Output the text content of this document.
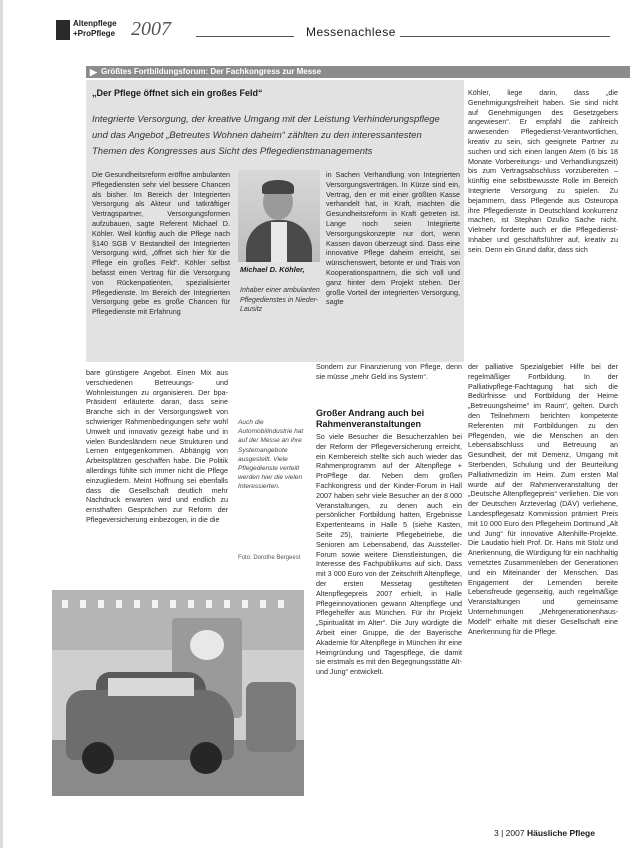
Altenpflege
+ProPflege 2007	Messenachlese
▶ Größtes Fortbildungsforum: Der Fachkongress zur Messe
„Der Pflege öffnet sich ein großes Feld“
Integrierte Versorgung, der kreative Umgang mit der Leistung Verhinderungspflege und das Angebot „Betreutes Wohnen daheim“ zählten zu den interessantesten Themen des Kongresses aus Sicht des Pflegedienstmanagements
Die Gesundheitsreform eröffne ambulanten Pflegediensten sehr viel bessere Chancen als bisher. Im Bereich der Integrierten Versorgung als Akteur und tatkräftiger Vertragspartner, Versorgungsformen aufzubauen, sagte Referent Michael D. Köhler. Weil künftig auch die Pflege nach §140 SGB V Bestandteil der Integrierten Versorgung wird, „öffnet sich hier für die Pflege ein großes Feld“. Köhler selbst befasst einen Vertrag für die Versorgung von Rückenpatienten, spezialisierter Pflegedienste. Im Bereich der Integrierten Versorgung gebe es große Chancen für Pflegedienste mit Erfahrung
Michael D. Köhler,
Inhaber einer ambulanten Pflegedienstes in Nieder-Lausitz
in Sachen Verhandlung von Integrierten Versorgungsverträgen. In Kürze sind ein, Vertrag, den er mit einer größten Kasse verhandelt hat, in Kraft, machten die Gesundheitsreform in Kraft getreten ist. Lange noch seien Integrierte Versorgungskonzepte nur dort, wenn Kassen davon überzeugt sind. Dass eine innovative Pflege daheim erreicht, sei wünschenswert, betonte er und Trais von Kooperationspartnern, die sich voll und ganz hinter dem Projekt stehen. Der große Vorteil der integrierten Versorgung, sagte
Köhler, liege darin, dass „die Genehmigungsfreiheit haben. Sie sind nicht auf Genehmigungen des Gesetzgebers angewiesen“. Er empfahl die zahlreich anwesenden Pflegedienst-Verantwortlichen, kreativ zu sein, sich geeignete Partner zu suchen und sich einen langen Atem (6 bis 18 Monate Vorbereitungs- und Verhandlungszeit) bis zum Vertragsabschluss vorzubereiten – künftig eine selbstbewusste Rolle im Bereich Integrierte Versorgung zu spielen. Zu bejammern, dass Pflegende aus Osteuropa ihre Pflegedienste in Deutschland konkurrenz machen, ist Stephan Dzulko Sache nicht. Vielmehr forderte auch er die Pflegedienst-Inhaber und geschäftsführer auf, kreativ zu sein. Denn ein Grund dafür, dass sich
bare günstigere Angebot. Einen Mix aus verschiedenen Betreuungs- und Wohnleistungen zu organisieren. Der bpa-Präsident erläuterte daran, dass seine Branche sich in der Versorgungswelt von schwieriger Rahmenbedingungen sehr wohl Umwelt und innovativ gezeigt habe und in vielen Bundesländern neue Strukturen und Lernen entgegenkommen. Abhängig von Arbeitsplätzen geschaffen habe. Die Politik allerdings fühlte sich immer nicht die Pflege einzugliedern. Meint Hoffnung sei ebenfalls dass die Gesellschaft deutlich mehr Nachdruck erwarten wird und endlich zu ernsthaften Gesprächen zur Reform der Pflegeversicherung einbezogen, in die die
Auch die Automobilindustrie hat auf der Messe an ihre Systemangebote ausgestellt. Viele Pflegedienste verteilt werden hier die vielen Interessierten.
Foto: Dorothe Bergeest
Sondern zur Finanzierung von Pflege, denn sie müsse „mehr Geld ins System“.
Großer Andrang auch bei Rahmenveranstaltungen
So viele Besucher die Besucherzahlen bei der Reform der Pflegeversicherung erreicht, ein Kernbereich stellte sich auch wieder das Rahmenprogramm auf der Altenpflege + ProPflege dar. Neben dem großen Fachkongress und der Kinder-Forum in Hall 2007 haben sehr viele Besucher an der 8 000 Veranstaltungen, zu denen auch ein persönlicher Fortbildung hatten, Ergebnisse Expertenteams in Halle 5 (siehe Kasten, Seite 25), trainierte Pflegebetriebe, die Senioren am Lebensabend, das Aussteller-Forum sowie weitere Dienstleistungen, die Interesse des Fachpublikums auf sich. Dass mit 3 000 Euro von der Zeitschrift Altenpflege, der ersten Messetag gestifteten Altenpflegepreis 2007 erhielt, in Halle Pflegeinnovationen gewann Altenpflege und Pflegehelfer aus München. Für ihr Projekt „Spiritualität im Alter“. Die Jury würdigte die Arbeit einer Gruppe, die der Bayerische Akademie für Altenpflege in München ihr eine Heimgründung und Tagespflege, die damit sie erstmals es mit den Begegnungsstätte Alt- und Jung“ entwickelt.
der palliative Spezialgebiet Hilfe bei der regelmäßiger Fortbildung. In der Palliativpflege-Fachtagung hat sich die Bedürfnisse und Fortbildung der Heime „Betreuungsheime“ im Raum“, gelten. Durch den Teilnehmern berichten kompetente Referenten mit Fortbildungen zu den Pflegenden, wie die Menschen an den Lebensabschluss und Betreuung an Gesundheit, der mit Demenz, Umgang mit Sterbenden, Schulung und der Beurteilung Palliativmedizin im Heim. Zum ersten Mal wurde auf der Rahmenveranstaltung der „Deutsche Altenpflegepreis“ verliehen. Die von der Deutschen Ärzteverlag (DÄV) verliehene, Landespflegesatz Kommission prämiert Preis mit 10 000 Euro den Pflegeheim Dortmund „Alt und Jung“ für innovative Altenhilfe-Projekte. Die Laudatio hielt Prof. Dr. Hans mit Stolz und Anerkennung, die Würdigung für ein nachhaltig vernetztes Zusammenleben der Generationen und ein Miteinander der Menschen. Das Engagement der Lernenden bereite Lebensfreude gegenseitig, auch regelmäßige Veranstaltungen und gemeinsame Unternehmungen „Mehrgenerationenhaus-Modell“ erhalte mit dieser Gesellschaft eine Anerkennung für die Pflege.
3 | 2007 Häusliche Pflege
